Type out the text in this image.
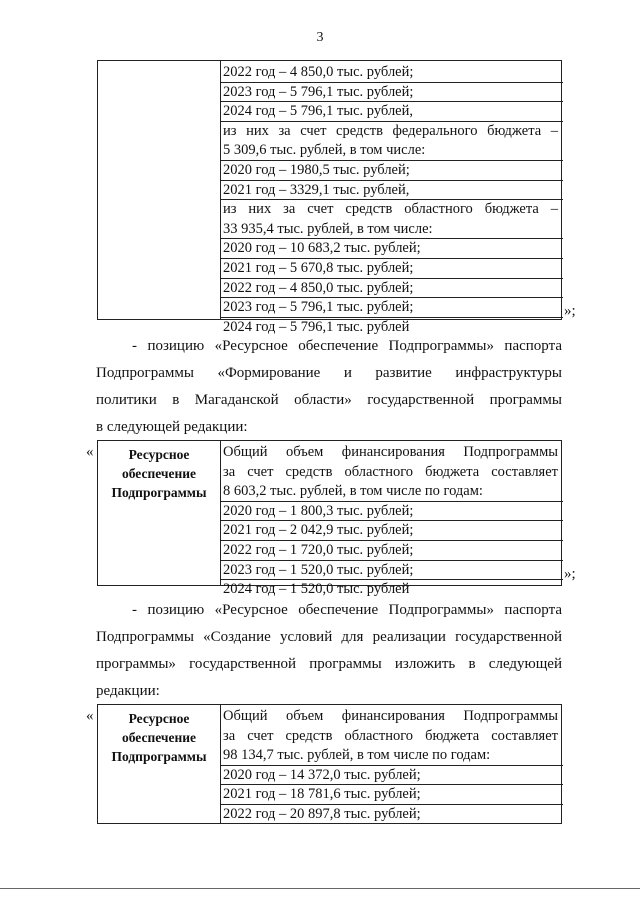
3
2022 год – 4 850,0 тыс. рублей;
2023 год – 5 796,1 тыс. рублей;
2024 год – 5 796,1 тыс. рублей,
из них за счет средств федерального бюджета –
5 309,6 тыс. рублей, в том числе:
2020 год – 1980,5 тыс. рублей;
2021 год – 3329,1 тыс. рублей,
из них за счет средств областного бюджета –
33 935,4 тыс. рублей, в том числе:
2020 год – 10 683,2 тыс. рублей;
2021 год – 5 670,8 тыс. рублей;
2022 год – 4 850,0 тыс. рублей;
2023 год – 5 796,1 тыс. рублей;
2024 год – 5 796,1 тыс. рублей
»;
- позицию «Ресурсное обеспечение Подпрограммы» паспорта
Подпрограммы «Формирование и развитие инфраструктуры
политики в Магаданской области» государственной программы
в следующей редакции:
«	Ресурсное
обеспечение
Подпрограммы
Общий объем финансирования Подпрограммы
за счет средств областного бюджета составляет
8 603,2 тыс. рублей, в том числе по годам:
2020 год – 1 800,3 тыс. рублей;
2021 год – 2 042,9 тыс. рублей;
2022 год – 1 720,0 тыс. рублей;
2023 год – 1 520,0 тыс. рублей;
2024 год – 1 520,0 тыс. рублей
»;
- позицию «Ресурсное обеспечение Подпрограммы» паспорта
Подпрограммы «Создание условий для реализации государственной
программы» государственной программы изложить в следующей
редакции:
«	Ресурсное
обеспечение
Подпрограммы
Общий объем финансирования Подпрограммы
за счет средств областного бюджета составляет
98 134,7 тыс. рублей, в том числе по годам:
2020 год – 14 372,0 тыс. рублей;
2021 год – 18 781,6 тыс. рублей;
2022 год – 20 897,8 тыс. рублей;
